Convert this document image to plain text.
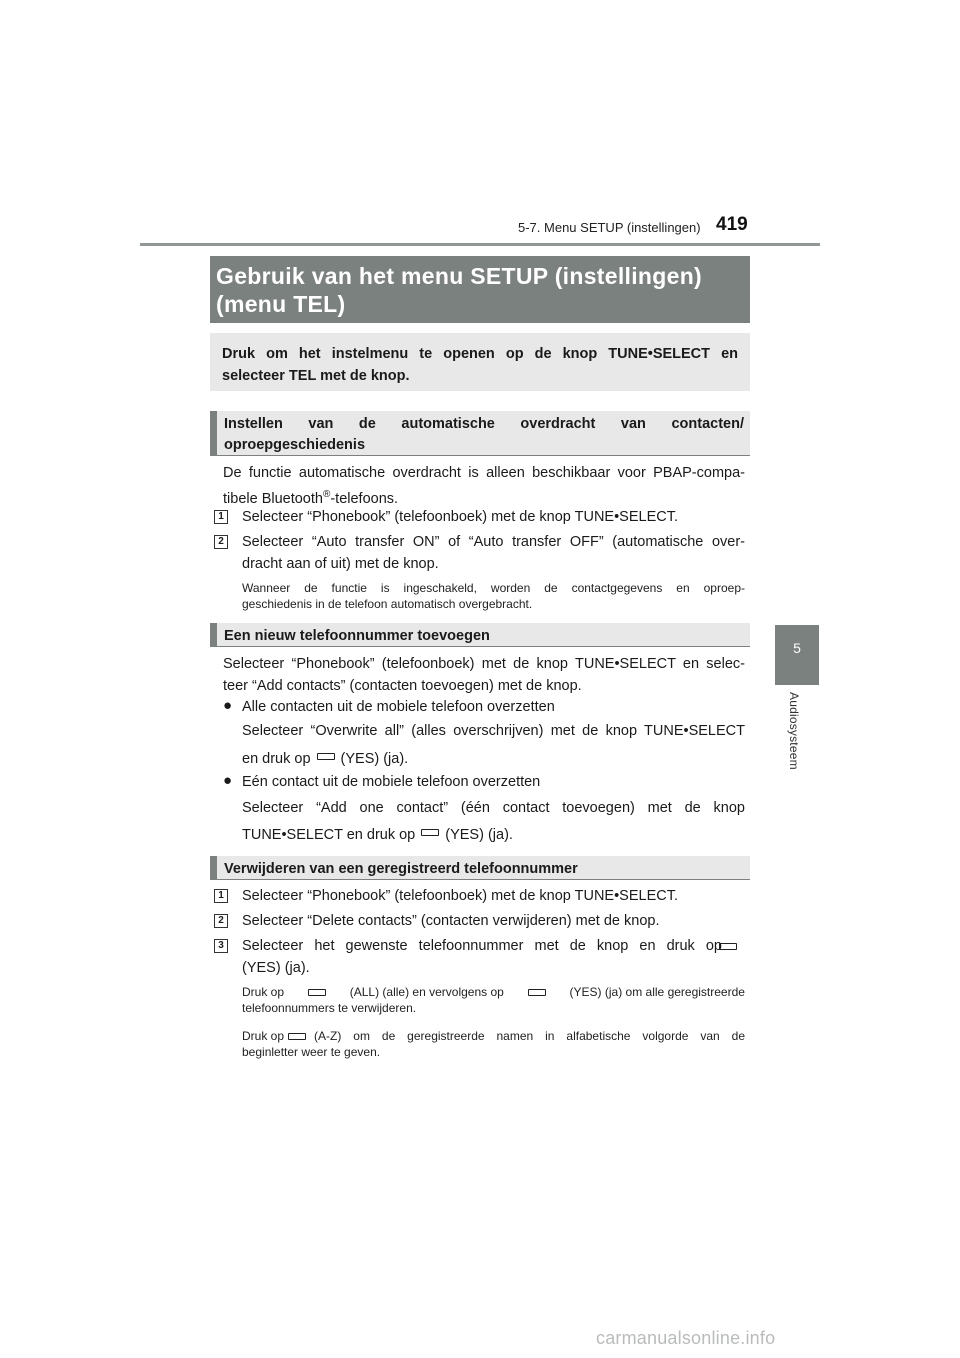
5-7. Menu SETUP (instellingen) 419
5
Audiosysteem
Gebruik van het menu SETUP (instellingen)
(menu TEL)

Druk om het instelmenu te openen op de knop TUNE•SELECT en

selecteer TEL met de knop.

Instellen van de automatische overdracht van contacten/
oproepgeschiedenis
De functie automatische overdracht is alleen beschikbaar voor PBAP-compa-
tibele Bluetooth®-telefoons.
1 Selecteer “Phonebook” (telefoonboek) met de knop TUNE•SELECT.
2 Selecteer “Auto transfer ON” of “Auto transfer OFF” (automatische over-
dracht aan of uit) met de knop.
Wanneer de functie is ingeschakeld, worden de contactgegevens en oproep-
geschiedenis in de telefoon automatisch overgebracht.
Een nieuw telefoonnummer toevoegen
Selecteer “Phonebook” (telefoonboek) met de knop TUNE•SELECT en selec-
teer “Add contacts” (contacten toevoegen) met de knop.
● Alle contacten uit de mobiele telefoon overzetten
Selecteer “Overwrite all” (alles overschrijven) met de knop TUNE•SELECT
en druk op (YES) (ja).
● Eén contact uit de mobiele telefoon overzetten
Selecteer “Add one contact” (één contact toevoegen) met de knop
TUNE•SELECT en druk op (YES) (ja).
Verwijderen van een geregistreerd telefoonnummer
1 Selecteer “Phonebook” (telefoonboek) met de knop TUNE•SELECT.
2 Selecteer “Delete contacts” (contacten verwijderen) met de knop.
3 Selecteer het gewenste telefoonnummer met de knop en druk op
(YES) (ja).
Druk op	(ALL) (alle) en vervolgens op	(YES) (ja) om alle geregistreerde
telefoonnummers te verwijderen.
Druk op	(A-Z) om de geregistreerde namen in alfabetische volgorde van de
beginletter weer te geven.
carmanualsonline.info
